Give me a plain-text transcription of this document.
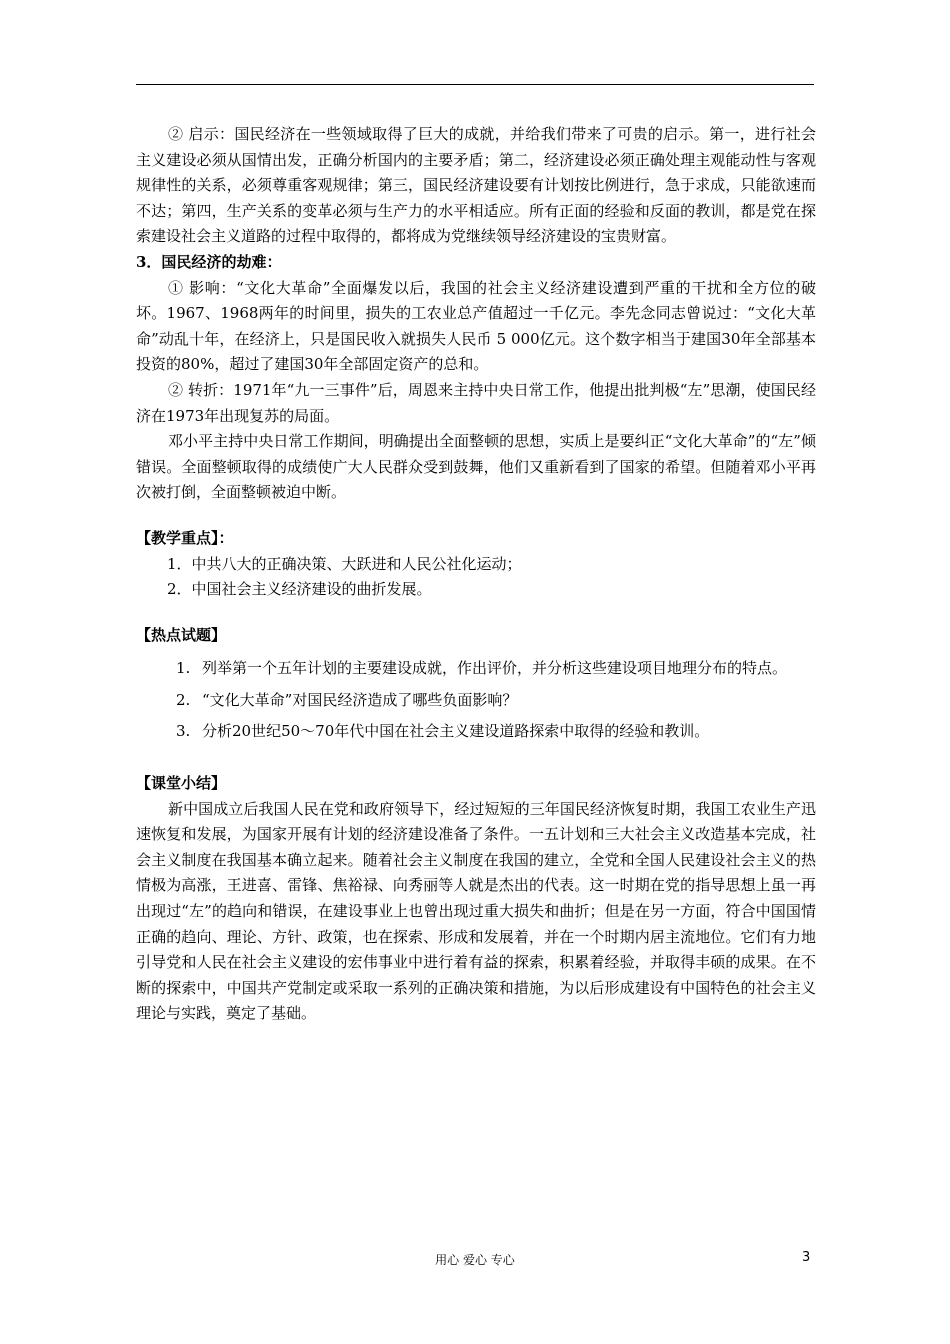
② 启示：国民经济在一些领域取得了巨大的成就，并给我们带来了可贵的启示。第一，进行社会主义建设必须从国情出发，正确分析国内的主要矛盾；第二，经济建设必须正确处理主观能动性与客观规律性的关系，必须尊重客观规律；第三，国民经济建设要有计划按比例进行，急于求成，只能欲速而不达；第四，生产关系的变革必须与生产力的水平相适应。所有正面的经验和反面的教训，都是党在探索建设社会主义道路的过程中取得的，都将成为党继续领导经济建设的宝贵财富。

3．国民经济的劫难：

① 影响：“文化大革命”全面爆发以后，我国的社会主义经济建设遭到严重的干扰和全方位的破坏。1967、1968两年的时间里，损失的工农业总产值超过一千亿元。李先念同志曾说过：“文化大革命”动乱十年，在经济上，只是国民收入就损失人民币 5 000亿元。这个数字相当于建国30年全部基本投资的80%，超过了建国30年全部固定资产的总和。

② 转折：1971年“九一三事件”后，周恩来主持中央日常工作，他提出批判极“左”思潮，使国民经济在1973年出现复苏的局面。

邓小平主持中央日常工作期间，明确提出全面整顿的思想，实质上是要纠正“文化大革命”的“左”倾错误。全面整顿取得的成绩使广大人民群众受到鼓舞，他们又重新看到了国家的希望。但随着邓小平再次被打倒，全面整顿被迫中断。

【教学重点】：

1．中共八大的正确决策、大跃进和人民公社化运动；

2．中国社会主义经济建设的曲折发展。

【热点试题】

1. 列举第一个五年计划的主要建设成就，作出评价，并分析这些建设项目地理分布的特点。
2. “文化大革命”对国民经济造成了哪些负面影响？
3. 分析20世纪50～70年代中国在社会主义建设道路探索中取得的经验和教训。

【课堂小结】

新中国成立后我国人民在党和政府领导下，经过短短的三年国民经济恢复时期，我国工农业生产迅速恢复和发展，为国家开展有计划的经济建设准备了条件。一五计划和三大社会主义改造基本完成，社会主义制度在我国基本确立起来。随着社会主义制度在我国的建立，全党和全国人民建设社会主义的热情极为高涨，王进喜、雷锋、焦裕禄、向秀丽等人就是杰出的代表。这一时期在党的指导思想上虽一再出现过“左”的趋向和错误，在建设事业上也曾出现过重大损失和曲折；但是在另一方面，符合中国国情正确的趋向、理论、方针、政策，也在探索、形成和发展着，并在一个时期内居主流地位。它们有力地引导党和人民在社会主义建设的宏伟事业中进行着有益的探索，积累着经验，并取得丰硕的成果。在不断的探索中，中国共产党制定或采取一系列的正确决策和措施，为以后形成建设有中国特色的社会主义理论与实践，奠定了基础。

用心 爱心 专心	3
